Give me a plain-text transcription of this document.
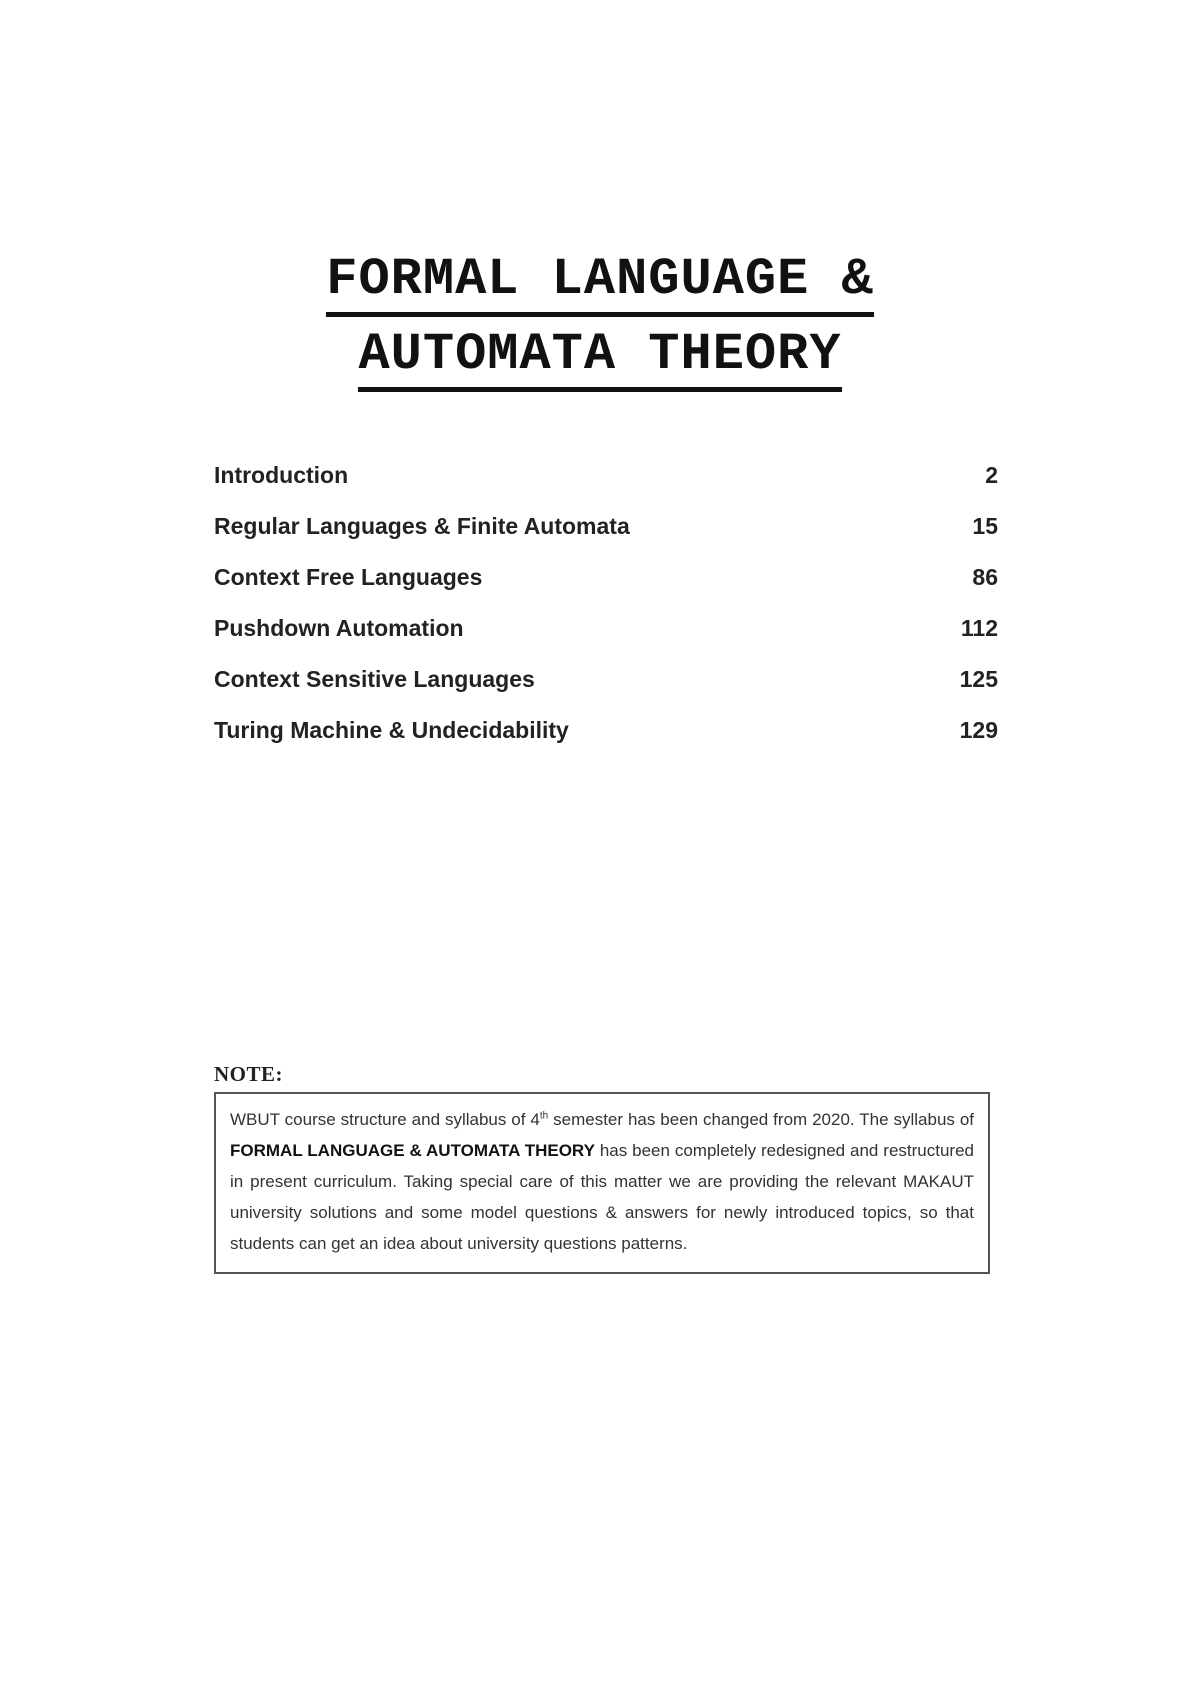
FORMAL LANGUAGE &
AUTOMATA THEORY
Introduction	2
Regular Languages & Finite Automata	15
Context Free Languages	86
Pushdown Automation	112
Context Sensitive Languages	125
Turing Machine & Undecidability	129
NOTE:
WBUT course structure and syllabus of 4th semester has been changed from 2020. The syllabus of FORMAL LANGUAGE & AUTOMATA THEORY has been completely redesigned and restructured in present curriculum. Taking special care of this matter we are providing the relevant MAKAUT university solutions and some model questions & answers for newly introduced topics, so that students can get an idea about university questions patterns.
